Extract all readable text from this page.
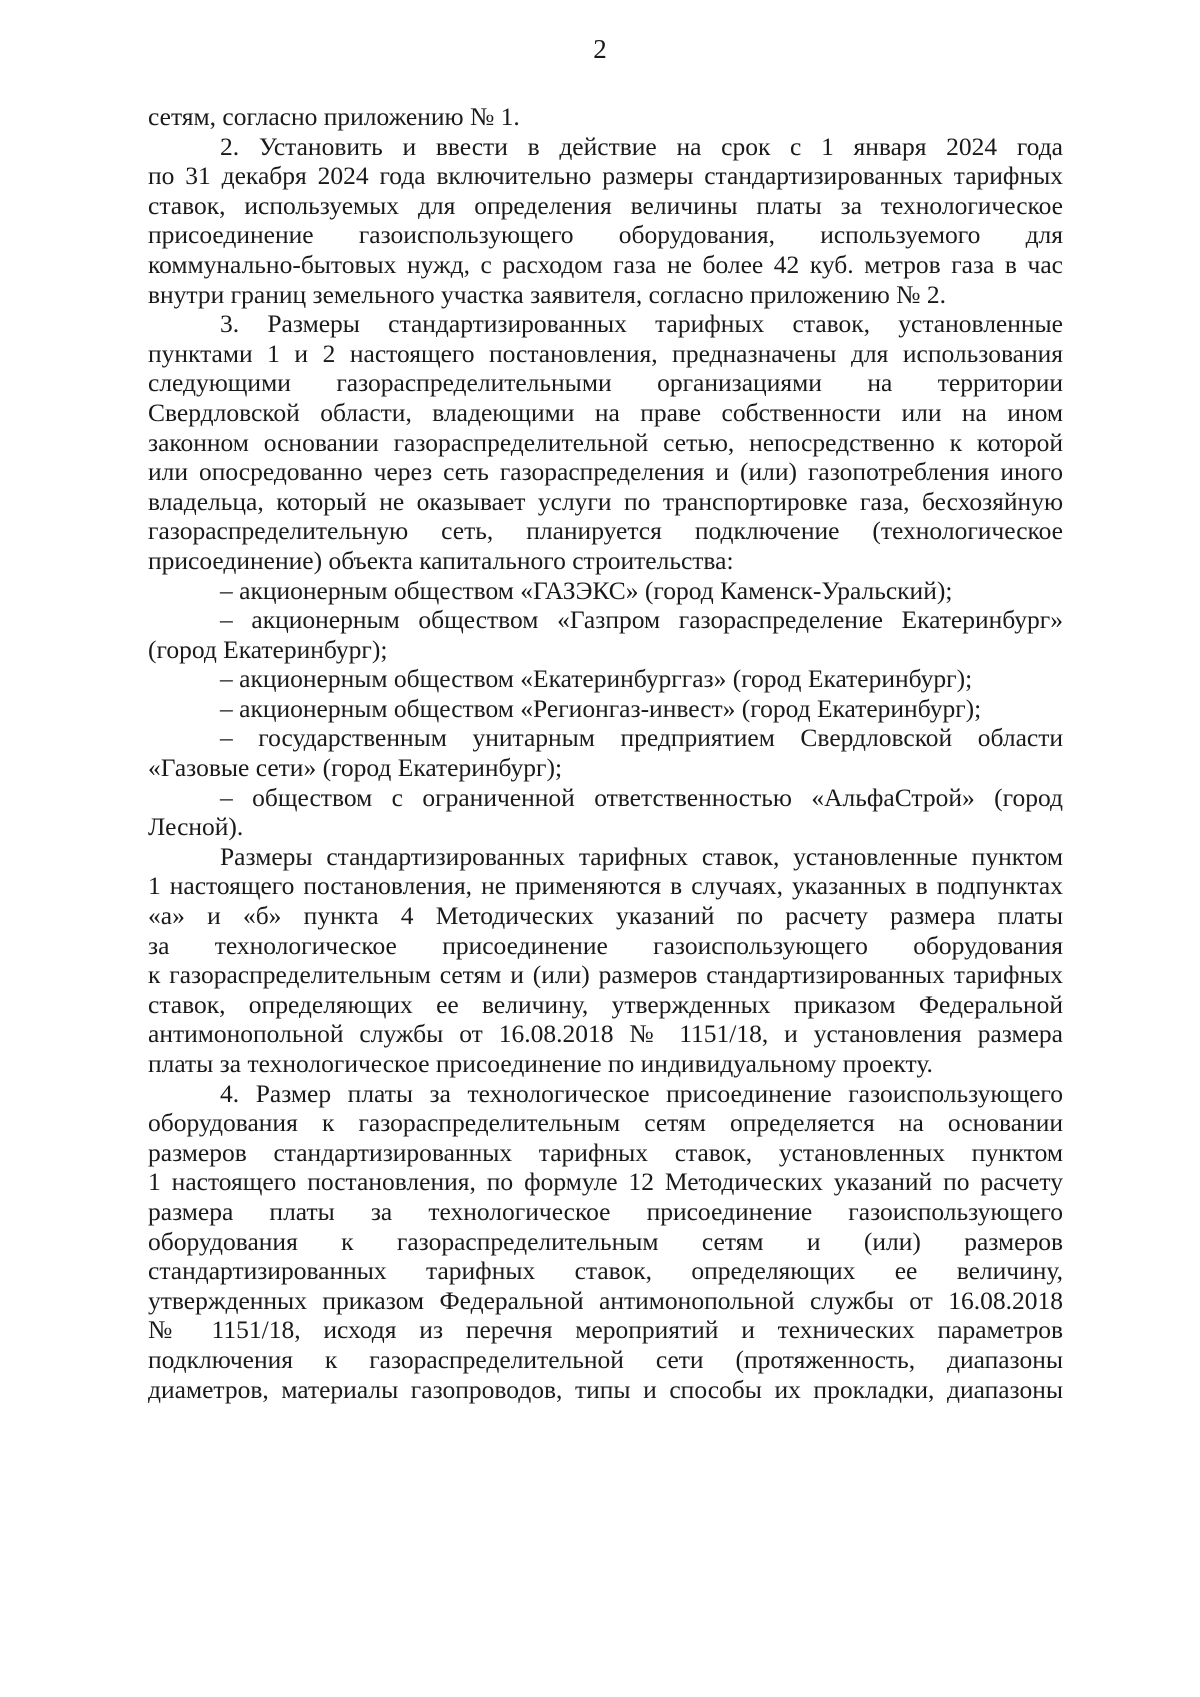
2
сетям, согласно приложению № 1.
2. Установить и ввести в действие на срок с 1 января 2024 года
по 31 декабря 2024 года включительно размеры стандартизированных тарифных
ставок, используемых для определения величины платы за технологическое
присоединение газоиспользующего оборудования, используемого для
коммунально-бытовых нужд, с расходом газа не более 42 куб. метров газа в час
внутри границ земельного участка заявителя, согласно приложению № 2.
3. Размеры стандартизированных тарифных ставок, установленные
пунктами 1 и 2 настоящего постановления, предназначены для использования
следующими газораспределительными организациями на территории
Свердловской области, владеющими на праве собственности или на ином
законном основании газораспределительной сетью, непосредственно к которой
или опосредованно через сеть газораспределения и (или) газопотребления иного
владельца, который не оказывает услуги по транспортировке газа, бесхозяйную
газораспределительную сеть, планируется подключение (технологическое
присоединение) объекта капитального строительства:
– акционерным обществом «ГАЗЭКС» (город Каменск-Уральский);
– акционерным обществом «Газпром газораспределение Екатеринбург»
(город Екатеринбург);
– акционерным обществом «Екатеринбурггаз» (город Екатеринбург);
– акционерным обществом «Регионгаз-инвест» (город Екатеринбург);
– государственным унитарным предприятием Свердловской области
«Газовые сети» (город Екатеринбург);
– обществом с ограниченной ответственностью «АльфаСтрой» (город
Лесной).
Размеры стандартизированных тарифных ставок, установленные пунктом
1 настоящего постановления, не применяются в случаях, указанных в подпунктах
«а» и «б» пункта 4 Методических указаний по расчету размера платы
за технологическое присоединение газоиспользующего оборудования
к газораспределительным сетям и (или) размеров стандартизированных тарифных
ставок, определяющих ее величину, утвержденных приказом Федеральной
антимонопольной службы от 16.08.2018 № 1151/18, и установления размера
платы за технологическое присоединение по индивидуальному проекту.
4. Размер платы за технологическое присоединение газоиспользующего
оборудования к газораспределительным сетям определяется на основании
размеров стандартизированных тарифных ставок, установленных пунктом
1 настоящего постановления, по формуле 12 Методических указаний по расчету
размера платы за технологическое присоединение газоиспользующего
оборудования к газораспределительным сетям и (или) размеров
стандартизированных тарифных ставок, определяющих ее величину,
утвержденных приказом Федеральной антимонопольной службы от 16.08.2018
№ 1151/18, исходя из перечня мероприятий и технических параметров
подключения к газораспределительной сети (протяженность, диапазоны
диаметров, материалы газопроводов, типы и способы их прокладки, диапазоны
